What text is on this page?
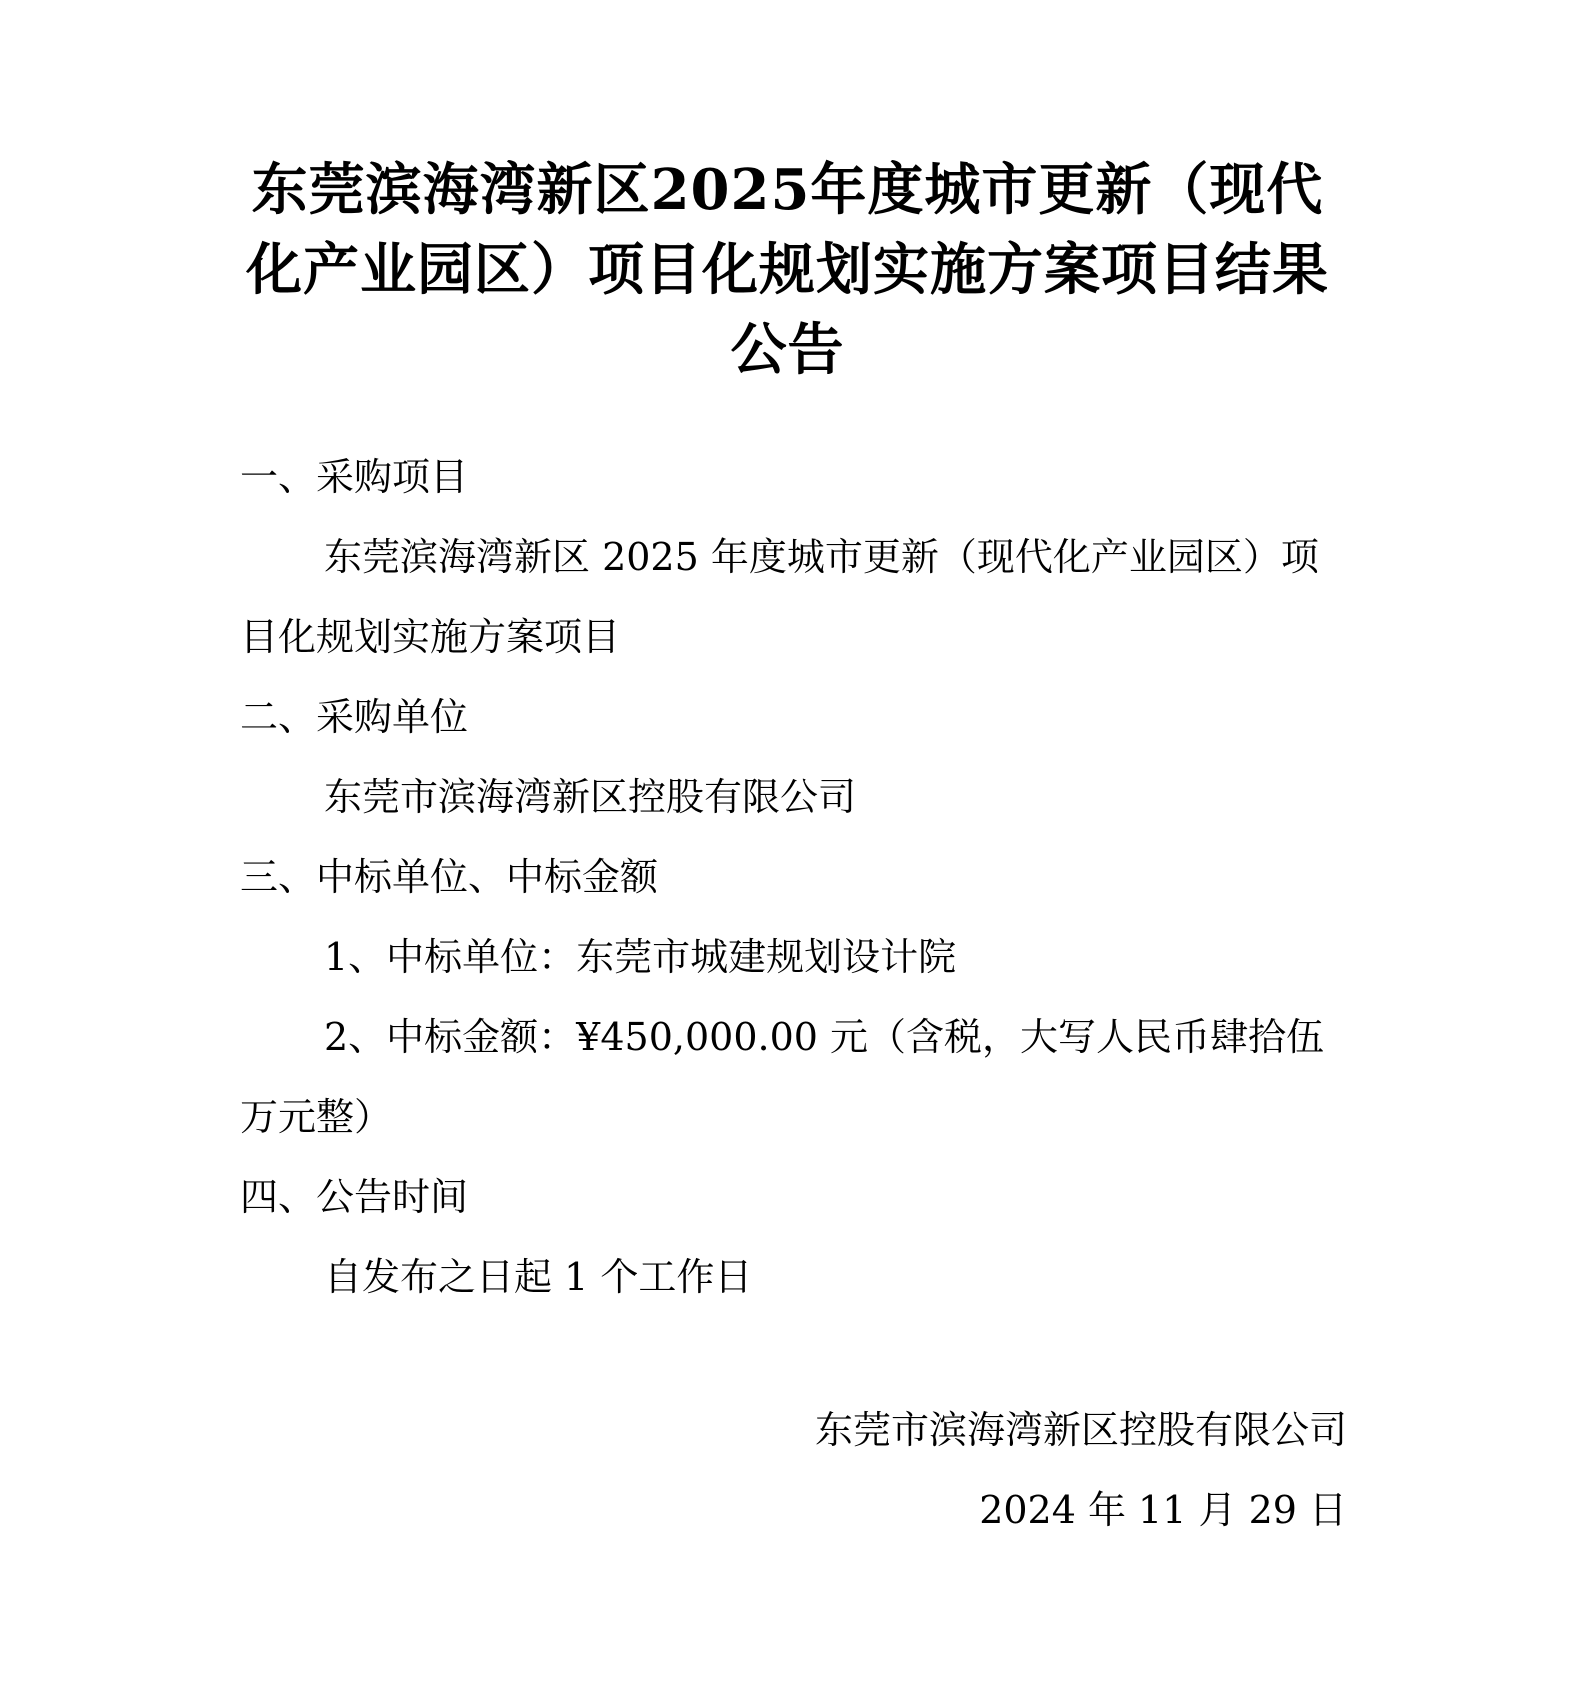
东莞滨海湾新区2025年度城市更新（现代化产业园区）项目化规划实施方案项目结果公告

一、采购项目

东莞滨海湾新区 2025 年度城市更新（现代化产业园区）项目化规划实施方案项目

二、采购单位

东莞市滨海湾新区控股有限公司

三、中标单位、中标金额

1、中标单位：东莞市城建规划设计院

2、中标金额：¥450,000.00 元（含税，大写人民币肆拾伍万元整）

四、公告时间

自发布之日起 1 个工作日

东莞市滨海湾新区控股有限公司

2024 年 11 月 29 日
